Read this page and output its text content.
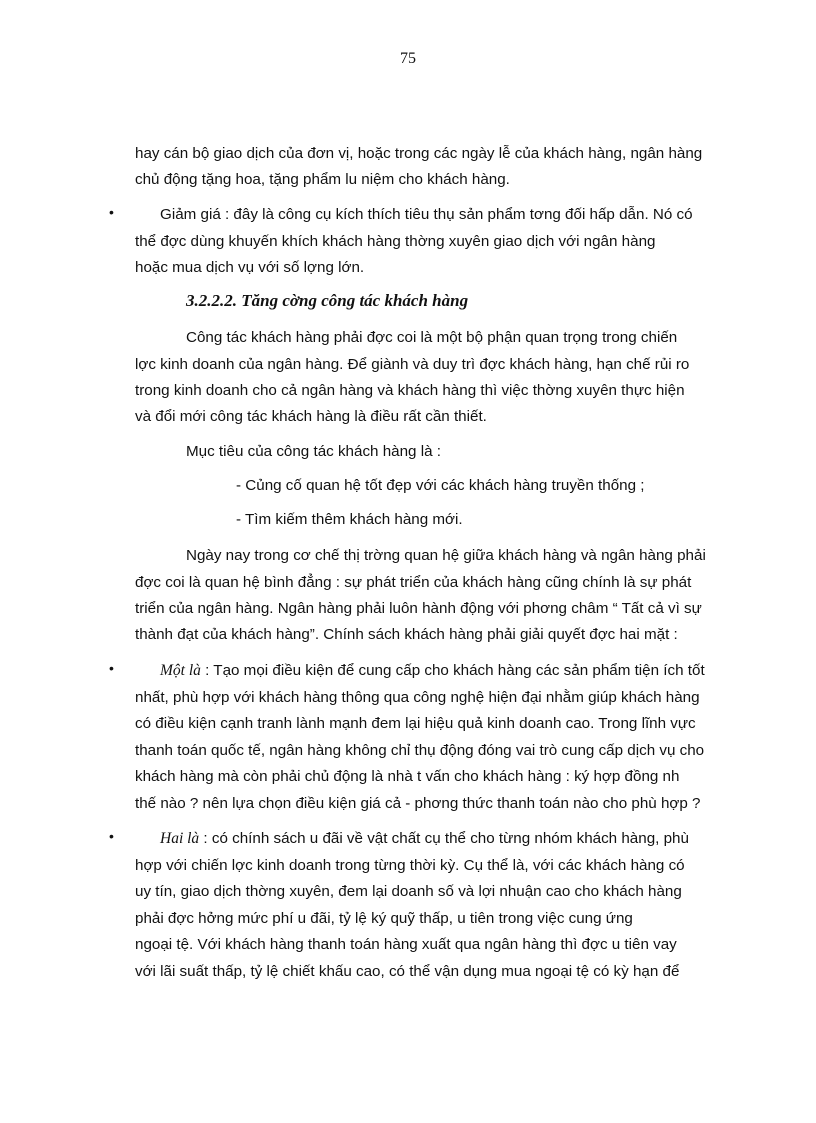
75
hay cán bộ giao dịch của đơn vị, hoặc trong các ngày lễ của khách hàng, ngân hàng
chủ động tặng hoa, tặng phẩm lu niệm cho khách hàng.
•	Giảm giá : đây là công cụ kích thích tiêu thụ sản phẩm tơng đối hấp dẫn. Nó có
thể đợc dùng khuyến khích khách hàng thờng xuyên giao dịch với ngân hàng
hoặc mua dịch vụ với số lợng lớn.
3.2.2.2. Tăng cờng công tác khách hàng
Công tác khách hàng phải đợc coi là một bộ phận quan trọng trong chiến
lợc kinh doanh của ngân hàng. Để giành và duy trì đợc khách hàng, hạn chế rủi ro
trong kinh doanh cho cả ngân hàng và khách hàng thì việc thờng xuyên thực hiện
và đổi mới công tác khách hàng là điều rất cần thiết.
Mục tiêu của công tác khách hàng là :
- Củng cố quan hệ tốt đẹp với các khách hàng truyền thống ;
- Tìm kiếm thêm khách hàng mới.
Ngày nay trong cơ chế thị trờng quan hệ giữa khách hàng và ngân hàng phải
đợc coi là quan hệ bình đẳng : sự phát triển của khách hàng cũng chính là sự phát
triển của ngân hàng. Ngân hàng phải luôn hành động với phơng châm “ Tất cả vì sự
thành đạt của khách hàng”. Chính sách khách hàng phải giải quyết đợc hai mặt :
•	Một là : Tạo mọi điều kiện để cung cấp cho khách hàng các sản phẩm tiện ích tốt
nhất, phù hợp với khách hàng thông qua công nghệ hiện đại nhằm giúp khách hàng
có điều kiện cạnh tranh lành mạnh đem lại hiệu quả kinh doanh cao. Trong lĩnh vực
thanh toán quốc tế, ngân hàng không chỉ thụ động đóng vai trò cung cấp dịch vụ cho
khách hàng mà còn phải chủ động là nhà t vấn cho khách hàng : ký hợp đồng nh
thế nào ? nên lựa chọn điều kiện giá cả - phơng thức thanh toán nào cho phù hợp ?
•	Hai là : có chính sách u đãi về vật chất cụ thể cho từng nhóm khách hàng, phù
hợp với chiến lợc kinh doanh trong từng thời kỳ. Cụ thể là, với các khách hàng có
uy tín, giao dịch thờng xuyên, đem lại doanh số và lợi nhuận cao cho khách hàng
phải đợc hởng mức phí u đãi, tỷ lệ ký quỹ thấp, u tiên trong việc cung ứng
ngoại tệ. Với khách hàng thanh toán hàng xuất qua ngân hàng thì đợc u tiên vay
với lãi suất thấp, tỷ lệ chiết khấu cao, có thể vận dụng mua ngoại tệ có kỳ hạn để
